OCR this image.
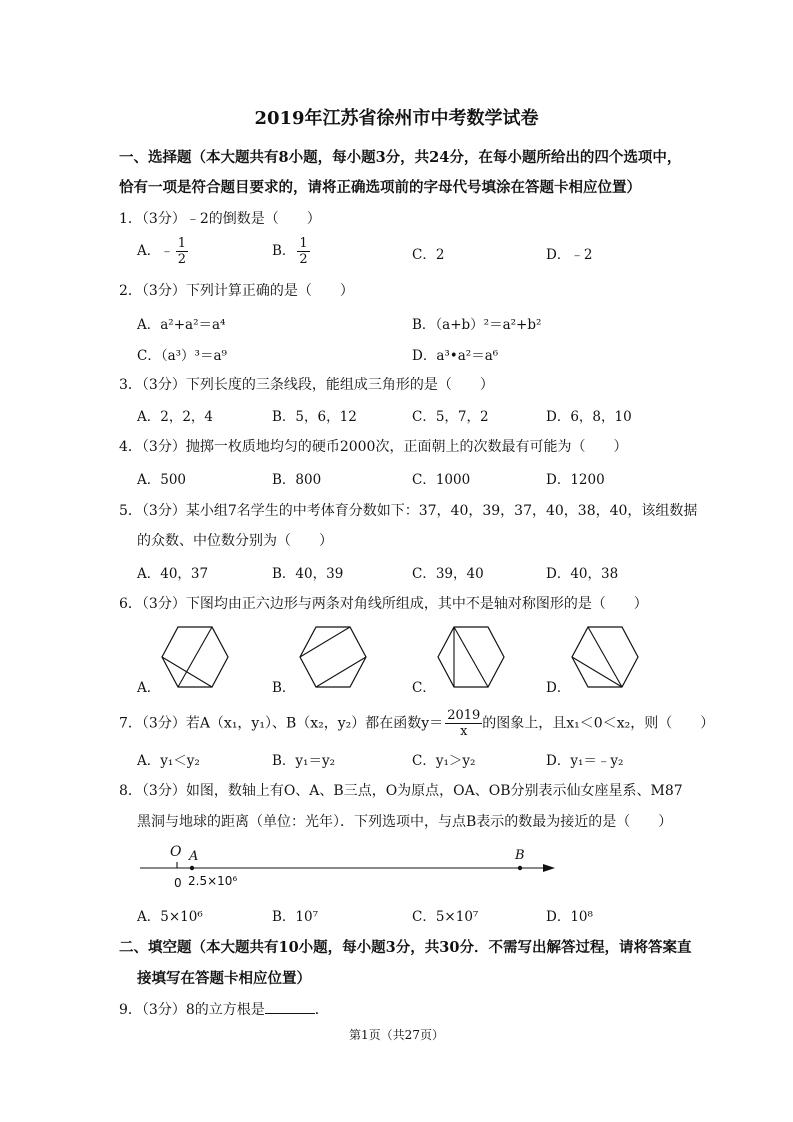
2019年江苏省徐州市中考数学试卷
一、选择题（本大题共有8小题，每小题3分，共24分，在每小题所给出的四个选项中，
恰有一项是符合题目要求的，请将正确选项前的字母代号填涂在答题卡相应位置）
1．（3分）﹣2的倒数是（　　）
A．﹣ $\frac{1}{2}$	B． $\frac{1}{2}$	C．2	D．﹣2
2．（3分）下列计算正确的是（　　）
A．a²+a²＝a⁴	B．（a+b）²＝a²+b²
C．（a³）³＝a⁹	D．a³•a²＝a⁶
3．（3分）下列长度的三条线段，能组成三角形的是（　　）
A．2，2，4	B．5，6，12	C．5，7，2	D．6，8，10
4．（3分）抛掷一枚质地均匀的硬币2000次，正面朝上的次数最有可能为（　　）
A．500	B．800	C．1000	D．1200
5．（3分）某小组7名学生的中考体育分数如下：37，40，39，37，40，38，40，该组数据
的众数、中位数分别为（　　）
A．40，37	B．40，39	C．39，40	D．40，38
6．（3分）下图均由正六边形与两条对角线所组成，其中不是轴对称图形的是（　　）
A．	B．	C．	D．
7．（3分）若A（x₁，y₁）、B（x₂，y₂）都在函数$y= \frac{2019}{x}$ 的图象上，且x₁＜0＜x₂，则（　　）
A．y₁＜y₂	B．y₁＝y₂	C．y₁＞y₂	D．y₁＝﹣y₂
8．（3分）如图，数轴上有O、A、B三点，O为原点，OA、OB分别表示仙女座星系、M87
黑洞与地球的距离（单位：光年）．下列选项中，与点B表示的数最为接近的是（　　）
O A	B
0 2.5×10⁶
A．5×10⁶	B．10⁷	C．5×10⁷	D．10⁸
二、填空题（本大题共有10小题，每小题3分，共30分．不需写出解答过程，请将答案直
接填写在答题卡相应位置）
9．（3分）8的立方根是	．
第1页（共27页）
